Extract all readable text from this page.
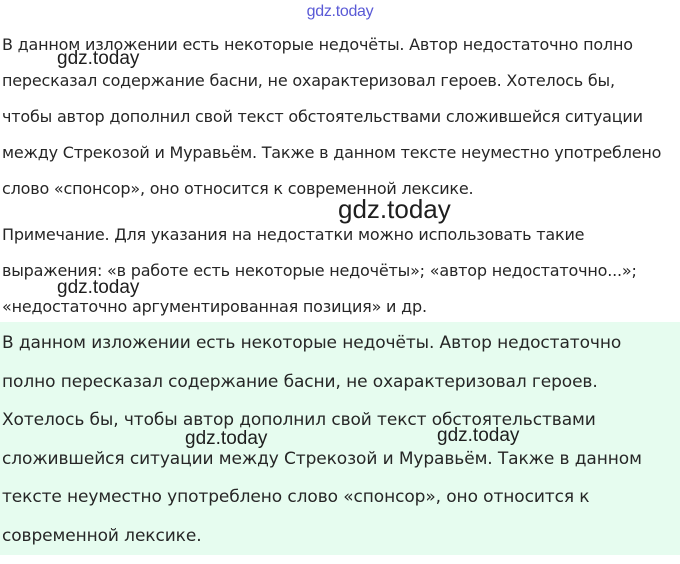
gdz.today
В данном изложении есть некоторые недочёты. Автор недостаточно полно
пересказал содержание басни, не охарактеризовал героев. Хотелось бы,
чтобы автор дополнил свой текст обстоятельствами сложившейся ситуации
между Стрекозой и Муравьём. Также в данном тексте неуместно употреблено
слово «спонсор», оно относится к современной лексике.
Примечание. Для указания на недостатки можно использовать такие
выражения: «в работе есть некоторые недочёты»; «автор недостаточно...»;
«недостаточно аргументированная позиция» и др.
В данном изложении есть некоторые недочёты. Автор недостаточно
полно пересказал содержание басни, не охарактеризовал героев.
Хотелось бы, чтобы автор дополнил свой текст обстоятельствами
сложившейся ситуации между Стрекозой и Муравьём. Также в данном
тексте неуместно употреблено слово «спонсор», оно относится к
современной лексике.
gdz.today
gdz.today
gdz.today
gdz.today	gdz.today
